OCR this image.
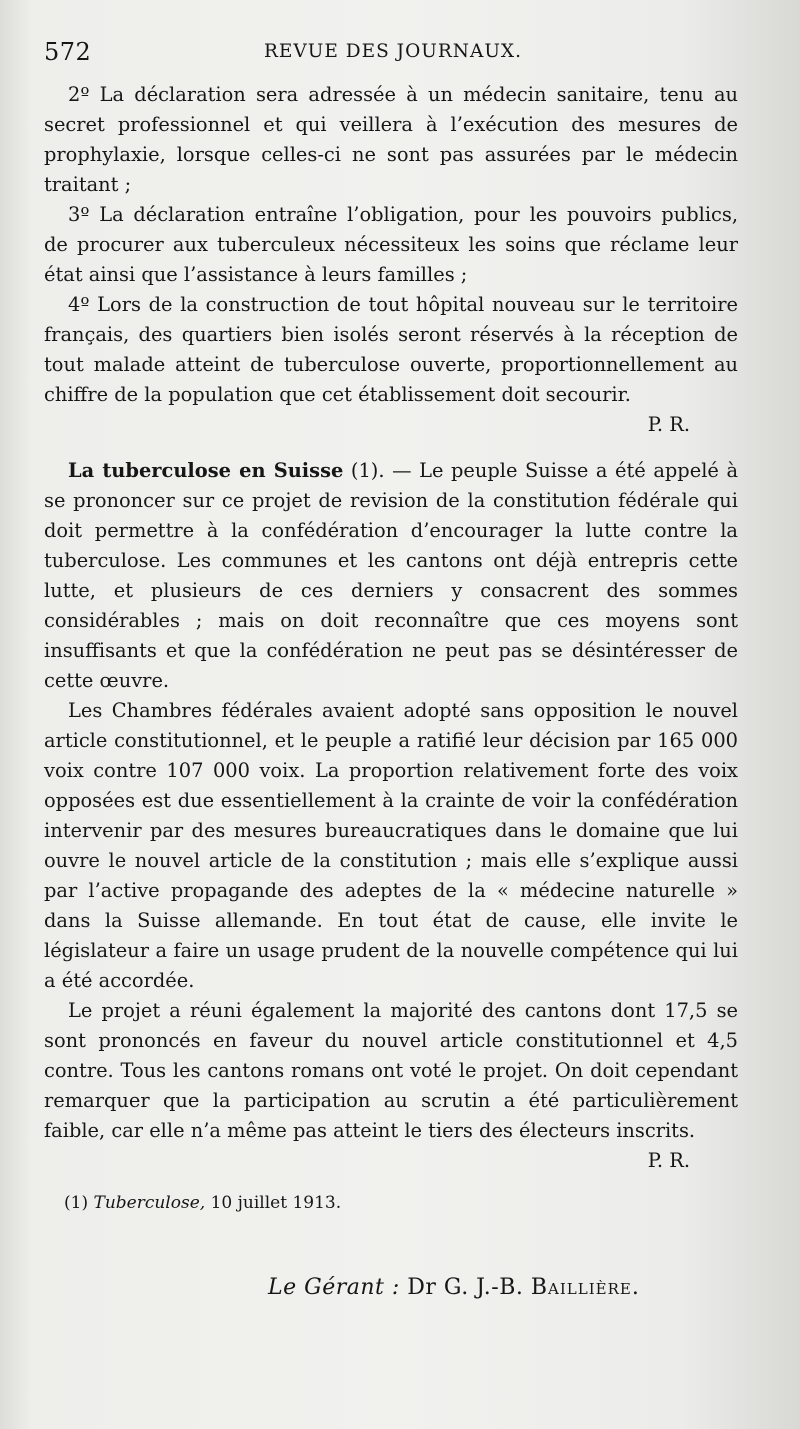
572	REVUE DES JOURNAUX.

2º La déclaration sera adressée à un médecin sanitaire, tenu au secret professionnel et qui veillera à l’exécution des mesures de prophylaxie, lorsque celles-ci ne sont pas assurées par le médecin traitant ;

3º La déclaration entraîne l’obligation, pour les pouvoirs publics, de procurer aux tuberculeux nécessiteux les soins que réclame leur état ainsi que l’assistance à leurs familles ;

4º Lors de la construction de tout hôpital nouveau sur le territoire français, des quartiers bien isolés seront réservés à la réception de tout malade atteint de tuberculose ouverte, proportionnellement au chiffre de la population que cet établissement doit secourir.

P. R.

La tuberculose en Suisse (1). — Le peuple Suisse a été appelé à se prononcer sur ce projet de revision de la constitution fédérale qui doit permettre à la confédération d’encourager la lutte contre la tuberculose. Les communes et les cantons ont déjà entrepris cette lutte, et plusieurs de ces derniers y consacrent des sommes considérables ; mais on doit reconnaître que ces moyens sont insuffisants et que la confédération ne peut pas se désintéresser de cette œuvre.

Les Chambres fédérales avaient adopté sans opposition le nouvel article constitutionnel, et le peuple a ratifié leur décision par 165 000 voix contre 107 000 voix. La proportion relativement forte des voix opposées est due essentiellement à la crainte de voir la confédération intervenir par des mesures bureaucratiques dans le domaine que lui ouvre le nouvel article de la constitution ; mais elle s’explique aussi par l’active propagande des adeptes de la « médecine naturelle » dans la Suisse allemande. En tout état de cause, elle invite le législateur a faire un usage prudent de la nouvelle compétence qui lui a été accordée.

Le projet a réuni également la majorité des cantons dont 17,5 se sont prononcés en faveur du nouvel article constitutionnel et 4,5 contre. Tous les cantons romans ont voté le projet. On doit cependant remarquer que la participation au scrutin a été particulièrement faible, car elle n’a même pas atteint le tiers des électeurs inscrits.

P. R.
(1) Tuberculose, 10 juillet 1913.
Le Gérant : Dr G. J.-B. Baillière.
